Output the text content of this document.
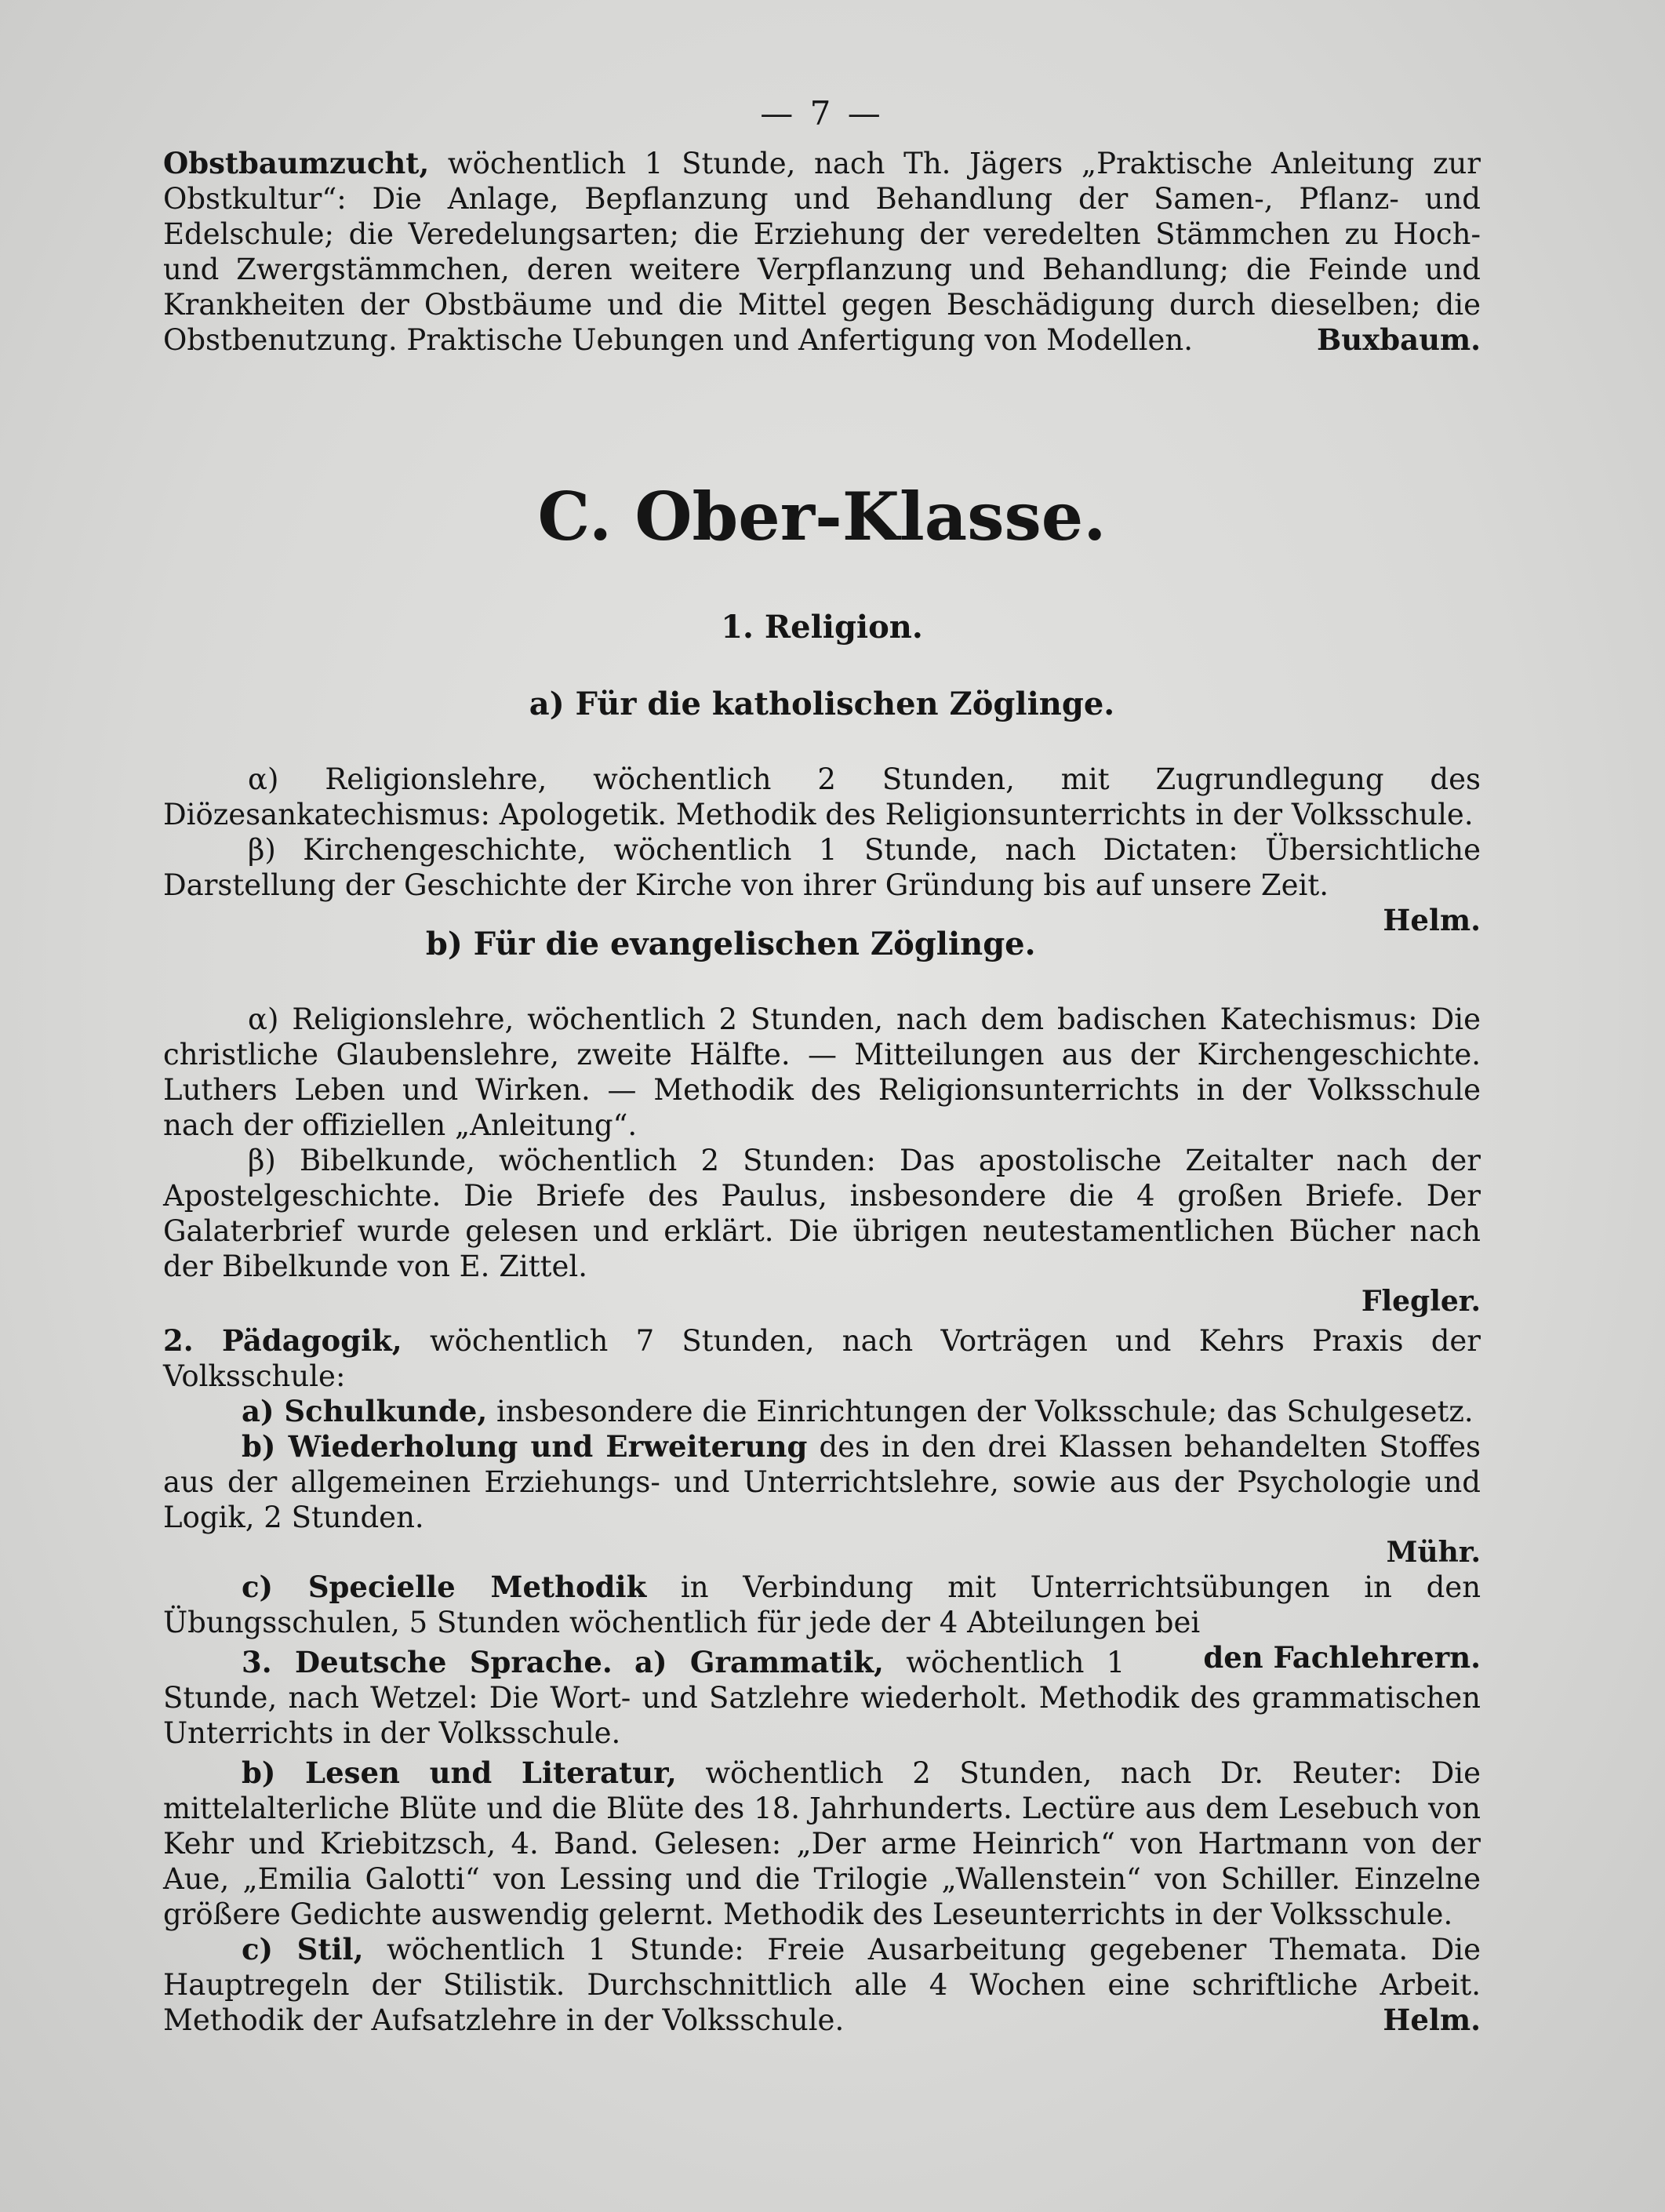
— 7 —

Obstbaumzucht, wöchentlich 1 Stunde, nach Th. Jägers „Praktische Anleitung zur Obstkultur“: Die Anlage, Bepflanzung und Behandlung der Samen-, Pflanz- und Edelschule; die Veredelungsarten; die Erziehung der veredelten Stämmchen zu Hoch- und Zwergstämmchen, deren weitere Verpflanzung und Behandlung; die Feinde und Krankheiten der Obstbäume und die Mittel gegen Beschädigung durch dieselben; die Obstbenutzung. Praktische Uebungen und Anfertigung von Modellen.	Buxbaum.

C. Ober-Klasse.
1. Religion.
a) Für die katholischen Zöglinge.

α) Religionslehre, wöchentlich 2 Stunden, mit Zugrundlegung des Diözesankatechismus: Apologetik. Methodik des Religionsunterrichts in der Volksschule.

β) Kirchengeschichte, wöchentlich 1 Stunde, nach Dictaten: Übersichtliche Darstellung der Geschichte der Kirche von ihrer Gründung bis auf unsere Zeit.
Helm.

b) Für die evangelischen Zöglinge.

α) Religionslehre, wöchentlich 2 Stunden, nach dem badischen Katechismus: Die christliche Glaubenslehre, zweite Hälfte. — Mitteilungen aus der Kirchengeschichte. Luthers Leben und Wirken. — Methodik des Religionsunterrichts in der Volksschule nach der offiziellen „Anleitung“.

β) Bibelkunde, wöchentlich 2 Stunden: Das apostolische Zeitalter nach der Apostelgeschichte. Die Briefe des Paulus, insbesondere die 4 großen Briefe. Der Galaterbrief wurde gelesen und erklärt. Die übrigen neutestamentlichen Bücher nach der Bibelkunde von E. Zittel.

Flegler.

2. Pädagogik, wöchentlich 7 Stunden, nach Vorträgen und Kehrs Praxis der Volksschule:

a) Schulkunde, insbesondere die Einrichtungen der Volksschule; das Schulgesetz.

b) Wiederholung und Erweiterung des in den drei Klassen behandelten Stoffes aus der allgemeinen Erziehungs- und Unterrichtslehre, sowie aus der Psychologie und Logik, 2 Stunden.

Mühr.

c) Specielle Methodik in Verbindung mit Unterrichtsübungen in den Übungsschulen, 5 Stunden wöchentlich für jede der 4 Abteilungen bei
den Fachlehrern.

3. Deutsche Sprache. a) Grammatik, wöchentlich 1 Stunde, nach Wetzel: Die Wort- und Satzlehre wiederholt. Methodik des grammatischen Unterrichts in der Volksschule.

b) Lesen und Literatur, wöchentlich 2 Stunden, nach Dr. Reuter: Die mittelalterliche Blüte und die Blüte des 18. Jahrhunderts. Lectüre aus dem Lesebuch von Kehr und Kriebitzsch, 4. Band. Gelesen: „Der arme Heinrich“ von Hartmann von der Aue, „Emilia Galotti“ von Lessing und die Trilogie „Wallenstein“ von Schiller. Einzelne größere Gedichte auswendig gelernt. Methodik des Leseunterrichts in der Volksschule.

c) Stil, wöchentlich 1 Stunde: Freie Ausarbeitung gegebener Themata. Die Hauptregeln der Stilistik. Durchschnittlich alle 4 Wochen eine schriftliche Arbeit. Methodik der Aufsatzlehre in der Volksschule.	Helm.
